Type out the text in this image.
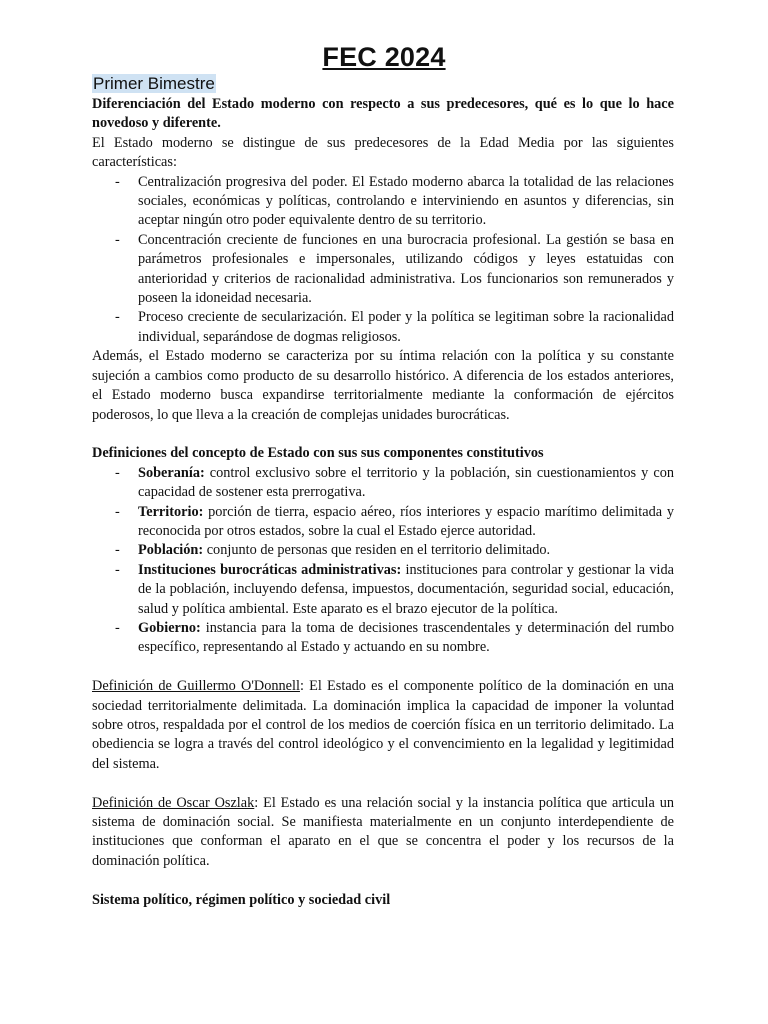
FEC 2024
Primer Bimestre

Diferenciación del Estado moderno con respecto a sus predecesores, qué es lo que lo hace novedoso y diferente.

El Estado moderno se distingue de sus predecesores de la Edad Media por las siguientes características:

- Centralización progresiva del poder. El Estado moderno abarca la totalidad de las relaciones sociales, económicas y políticas, controlando e interviniendo en asuntos y diferencias, sin aceptar ningún otro poder equivalente dentro de su territorio.
- Concentración creciente de funciones en una burocracia profesional. La gestión se basa en parámetros profesionales e impersonales, utilizando códigos y leyes estatuidas con anterioridad y criterios de racionalidad administrativa. Los funcionarios son remunerados y poseen la idoneidad necesaria.
- Proceso creciente de secularización. El poder y la política se legitiman sobre la racionalidad individual, separándose de dogmas religiosos.

Además, el Estado moderno se caracteriza por su íntima relación con la política y su constante sujeción a cambios como producto de su desarrollo histórico. A diferencia de los estados anteriores, el Estado moderno busca expandirse territorialmente mediante la conformación de ejércitos poderosos, lo que lleva a la creación de complejas unidades burocráticas.

Definiciones del concepto de Estado con sus sus componentes constitutivos

- Soberanía: control exclusivo sobre el territorio y la población, sin cuestionamientos y con capacidad de sostener esta prerrogativa.
- Territorio: porción de tierra, espacio aéreo, ríos interiores y espacio marítimo delimitada y reconocida por otros estados, sobre la cual el Estado ejerce autoridad.
- Población: conjunto de personas que residen en el territorio delimitado.
- Instituciones burocráticas administrativas: instituciones para controlar y gestionar la vida de la población, incluyendo defensa, impuestos, documentación, seguridad social, educación, salud y política ambiental. Este aparato es el brazo ejecutor de la política.
- Gobierno: instancia para la toma de decisiones trascendentales y determinación del rumbo específico, representando al Estado y actuando en su nombre.

Definición de Guillermo O'Donnell: El Estado es el componente político de la dominación en una sociedad territorialmente delimitada. La dominación implica la capacidad de imponer la voluntad sobre otros, respaldada por el control de los medios de coerción física en un territorio delimitado. La obediencia se logra a través del control ideológico y el convencimiento en la legalidad y legitimidad del sistema.

Definición de Oscar Oszlak: El Estado es una relación social y la instancia política que articula un sistema de dominación social. Se manifiesta materialmente en un conjunto interdependiente de instituciones que conforman el aparato en el que se concentra el poder y los recursos de la dominación política.

Sistema político, régimen político y sociedad civil
